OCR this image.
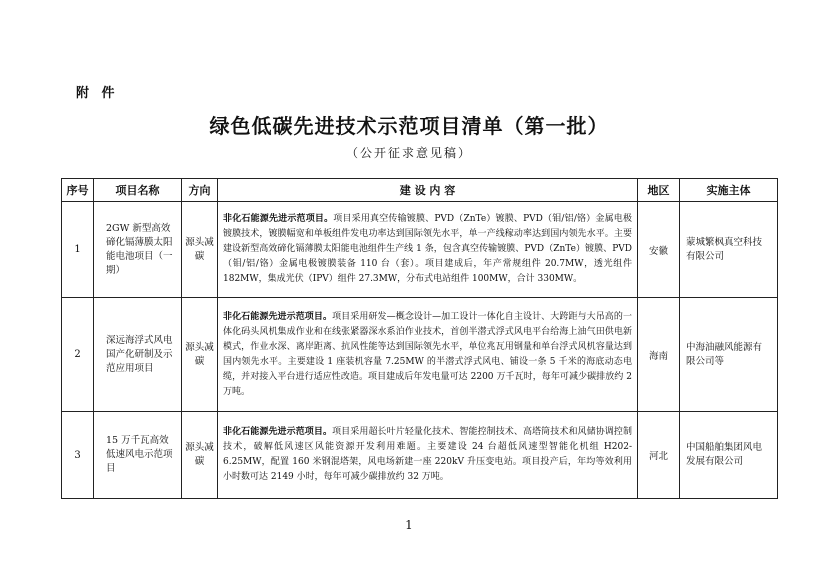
附 件
绿色低碳先进技术示范项目清单（第一批）
（公开征求意见稿）
序号	项目名称	方向	建 设 内 容	地区	实施主体
1	2GW 新型高效碲化镉薄膜太阳能电池项目（一期）	源头减碳	非化石能源先进示范项目。项目采用真空传输镀膜、PVD（ZnTe）镀膜、PVD（钼/铝/铬）金属电极镀膜技术，镀膜幅宽和单板组件发电功率达到国际领先水平，单一产线稼动率达到国内领先水平。主要建设新型高效碲化镉薄膜太阳能电池组件生产线 1 条，包含真空传输镀膜、PVD（ZnTe）镀膜、PVD（钼/铝/铬）金属电极镀膜装备 110 台（套）。项目建成后，年产常规组件 20.7MW，透光组件 182MW，集成光伏（IPV）组件 27.3MW，分布式电站组件 100MW，合计 330MW。	安徽	蒙城繁枫真空科技有限公司
2	深远海浮式风电国产化研制及示范应用项目	源头减碳	非化石能源先进示范项目。项目采用研发—概念设计—加工设计一体化自主设计、大跨距与大吊高的一体化码头风机集成作业和在线张紧器深水系泊作业技术，首创半潜式浮式风电平台给海上油气田供电新模式，作业水深、离岸距离、抗风性能等达到国际领先水平，单位兆瓦用钢量和单台浮式风机容量达到国内领先水平。主要建设 1 座装机容量 7.25MW 的半潜式浮式风电、铺设一条 5 千米的海底动态电缆，并对接入平台进行适应性改造。项目建成后年发电量可达 2200 万千瓦时，每年可减少碳排放约 2 万吨。	海南	中海油融风能源有限公司等
3	15 万千瓦高效低速风电示范项目	源头减碳	非化石能源先进示范项目。项目采用超长叶片轻量化技术、智能控制技术、高塔筒技术和风储协调控制技术，破解低风速区风能资源开发利用难题。主要建设 24 台超低风速型智能化机组 H202-6.25MW，配置 160 米钢混塔架，风电场新建一座 220kV 升压变电站。项目投产后，年均等效利用小时数可达 2149 小时，每年可减少碳排放约 32 万吨。	河北	中国船舶集团风电发展有限公司
1
